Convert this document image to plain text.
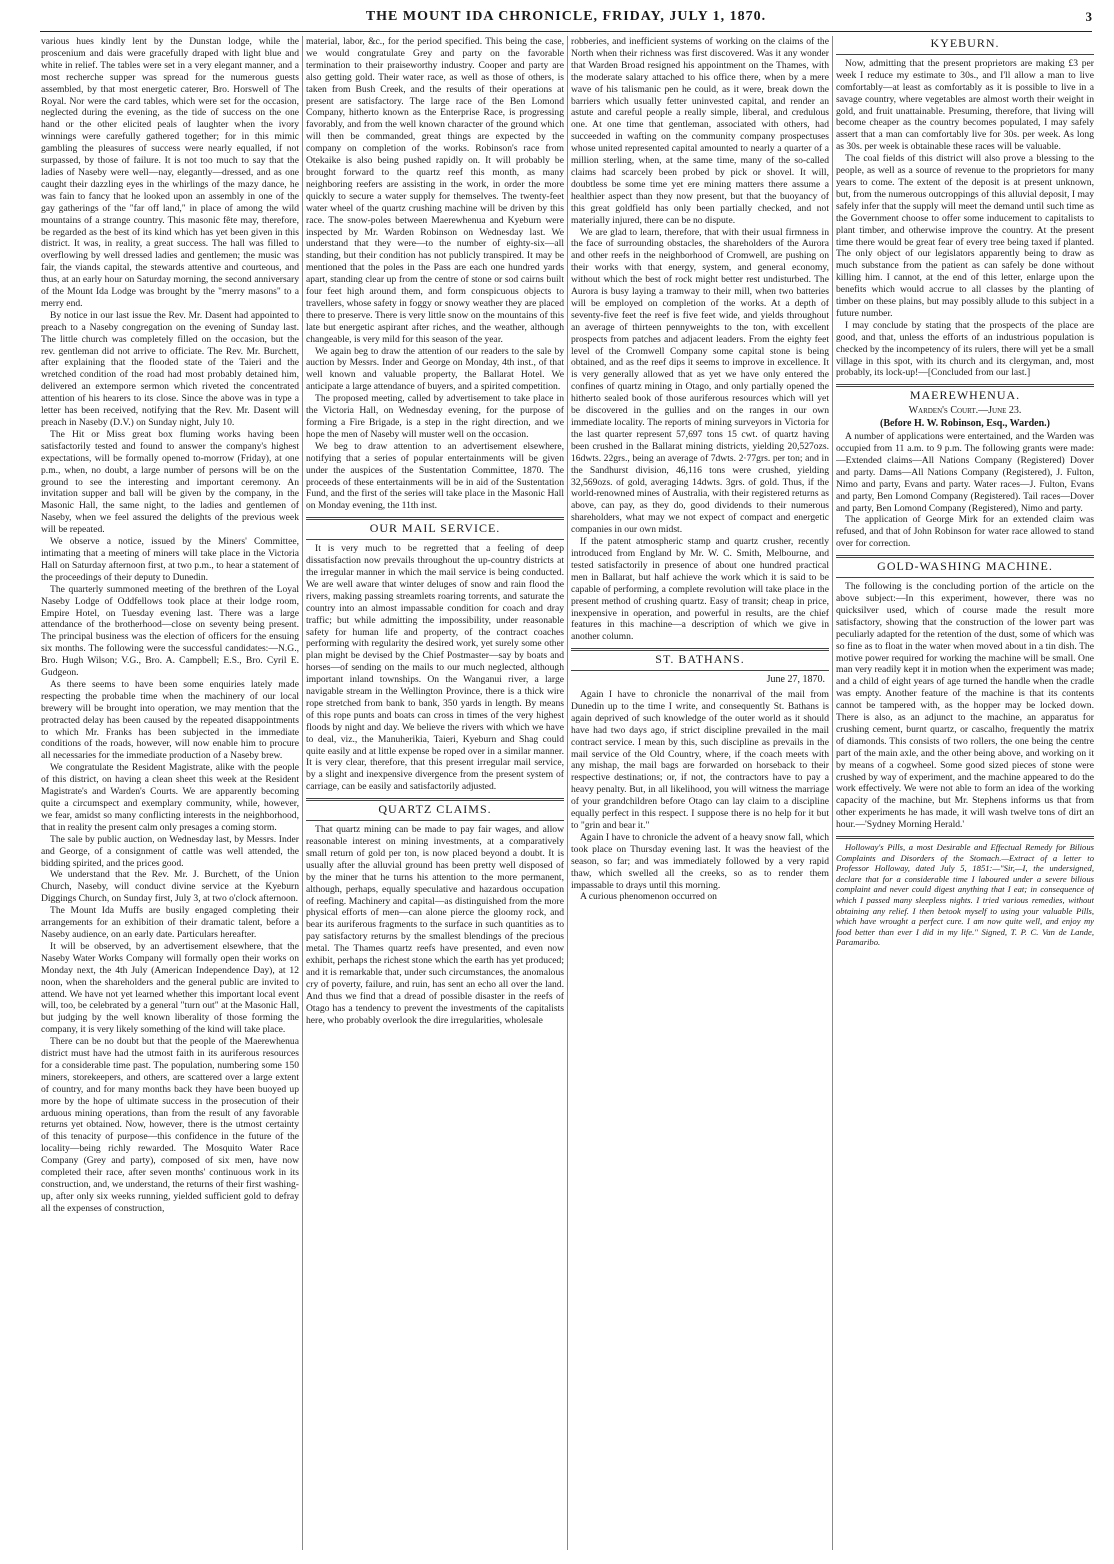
THE MOUNT IDA CHRONICLE, FRIDAY, JULY 1, 1870.	3

various hues kindly lent by the Dunstan lodge, while the proscenium and dais were gracefully draped with light blue and white in relief. The tables were set in a very elegant manner, and a most recherche supper was spread for the numerous guests assembled, by that most energetic caterer, Bro. Horswell of The Royal. Nor were the card tables, which were set for the occasion, neglected during the evening, as the tide of success on the one hand or the other elicited peals of laughter when the ivory winnings were carefully gathered together; for in this mimic gambling the pleasures of success were nearly equalled, if not surpassed, by those of failure. It is not too much to say that the ladies of Naseby were well—nay, elegantly—dressed, and as one caught their dazzling eyes in the whirlings of the mazy dance, he was fain to fancy that he looked upon an assembly in one of the gay gatherings of the "far off land," in place of among the wild mountains of a strange country. This masonic fête may, therefore, be regarded as the best of its kind which has yet been given in this district. It was, in reality, a great success. The hall was filled to overflowing by well dressed ladies and gentlemen; the music was fair, the viands capital, the stewards attentive and courteous, and thus, at an early hour on Saturday morning, the second anniversary of the Mount Ida Lodge was brought by the "merry masons" to a merry end.

By notice in our last issue the Rev. Mr. Dasent had appointed to preach to a Naseby congregation on the evening of Sunday last. The little church was completely filled on the occasion, but the rev. gentleman did not arrive to officiate. The Rev. Mr. Burchett, after explaining that the flooded state of the Taieri and the wretched condition of the road had most probably detained him, delivered an extempore sermon which riveted the concentrated attention of his hearers to its close. Since the above was in type a letter has been received, notifying that the Rev. Mr. Dasent will preach in Naseby (D.V.) on Sunday night, July 10.

The Hit or Miss great box fluming works having been satisfactorily tested and found to answer the company's highest expectations, will be formally opened to-morrow (Friday), at one p.m., when, no doubt, a large number of persons will be on the ground to see the interesting and important ceremony. An invitation supper and ball will be given by the company, in the Masonic Hall, the same night, to the ladies and gentlemen of Naseby, when we feel assured the delights of the previous week will be repeated.

We observe a notice, issued by the Miners' Committee, intimating that a meeting of miners will take place in the Victoria Hall on Saturday afternoon first, at two p.m., to hear a statement of the proceedings of their deputy to Dunedin.

The quarterly summoned meeting of the brethren of the Loyal Naseby Lodge of Oddfellows took place at their lodge room, Empire Hotel, on Tuesday evening last. There was a large attendance of the brotherhood—close on seventy being present. The principal business was the election of officers for the ensuing six months. The following were the successful candidates:—N.G., Bro. Hugh Wilson; V.G., Bro. A. Campbell; E.S., Bro. Cyril E. Gudgeon.

As there seems to have been some enquiries lately made respecting the probable time when the machinery of our local brewery will be brought into operation, we may mention that the protracted delay has been caused by the repeated disappointments to which Mr. Franks has been subjected in the immediate conditions of the roads, however, will now enable him to procure all necessaries for the immediate production of a Naseby brew.

We congratulate the Resident Magistrate, alike with the people of this district, on having a clean sheet this week at the Resident Magistrate's and Warden's Courts. We are apparently becoming quite a circumspect and exemplary community, while, however, we fear, amidst so many conflicting interests in the neighborhood, that in reality the present calm only presages a coming storm.

The sale by public auction, on Wednesday last, by Messrs. Inder and George, of a consignment of cattle was well attended, the bidding spirited, and the prices good.

We understand that the Rev. Mr. J. Burchett, of the Union Church, Naseby, will conduct divine service at the Kyeburn Diggings Church, on Sunday first, July 3, at two o'clock afternoon.

The Mount Ida Muffs are busily engaged completing their arrangements for an exhibition of their dramatic talent, before a Naseby audience, on an early date. Particulars hereafter.

It will be observed, by an advertisement elsewhere, that the Naseby Water Works Company will formally open their works on Monday next, the 4th July (American Independence Day), at 12 noon, when the shareholders and the general public are invited to attend. We have not yet learned whether this important local event will, too, be celebrated by a general "turn out" at the Masonic Hall, but judging by the well known liberality of those forming the company, it is very likely something of the kind will take place.

There can be no doubt but that the people of the Maerewhenua district must have had the utmost faith in its auriferous resources for a considerable time past. The population, numbering some 150 miners, storekeepers, and others, are scattered over a large extent of country, and for many months back they have been buoyed up more by the hope of ultimate success in the prosecution of their arduous mining operations, than from the result of any favorable returns yet obtained. Now, however, there is the utmost certainty of this tenacity of purpose—this confidence in the future of the locality—being richly rewarded. The Mosquito Water Race Company (Grey and party), composed of six men, have now completed their race, after seven months' continuous work in its construction, and, we understand, the returns of their first washing-up, after only six weeks running, yielded sufficient gold to defray all the expenses of construction,

material, labor, &c., for the period specified. This being the case, we would congratulate Grey and party on the favorable termination to their praiseworthy industry. Cooper and party are also getting gold. Their water race, as well as those of others, is taken from Bush Creek, and the results of their operations at present are satisfactory. The large race of the Ben Lomond Company, hitherto known as the Enterprise Race, is progressing favorably, and from the well known character of the ground which will then be commanded, great things are expected by the company on completion of the works. Robinson's race from Otekaike is also being pushed rapidly on. It will probably be brought forward to the quartz reef this month, as many neighboring reefers are assisting in the work, in order the more quickly to secure a water supply for themselves. The twenty-feet water wheel of the quartz crushing machine will be driven by this race. The snow-poles between Maerewhenua and Kyeburn were inspected by Mr. Warden Robinson on Wednesday last. We understand that they were—to the number of eighty-six—all standing, but their condition has not publicly transpired. It may be mentioned that the poles in the Pass are each one hundred yards apart, standing clear up from the centre of stone or sod cairns built four feet high around them, and form conspicuous objects to travellers, whose safety in foggy or snowy weather they are placed there to preserve. There is very little snow on the mountains of this late but energetic aspirant after riches, and the weather, although changeable, is very mild for this season of the year.

We again beg to draw the attention of our readers to the sale by auction by Messrs. Inder and George on Monday, 4th inst., of that well known and valuable property, the Ballarat Hotel. We anticipate a large attendance of buyers, and a spirited competition.

The proposed meeting, called by advertisement to take place in the Victoria Hall, on Wednesday evening, for the purpose of forming a Fire Brigade, is a step in the right direction, and we hope the men of Naseby will muster well on the occasion.

We beg to draw attention to an advertisement elsewhere, notifying that a series of popular entertainments will be given under the auspices of the Sustentation Committee, 1870. The proceeds of these entertainments will be in aid of the Sustentation Fund, and the first of the series will take place in the Masonic Hall on Monday evening, the 11th inst.

OUR MAIL SERVICE.

It is very much to be regretted that a feeling of deep dissatisfaction now prevails throughout the up-country districts at the irregular manner in which the mail service is being conducted. We are well aware that winter deluges of snow and rain flood the rivers, making passing streamlets roaring torrents, and saturate the country into an almost impassable condition for coach and dray traffic; but while admitting the impossibility, under reasonable safety for human life and property, of the contract coaches performing with regularity the desired work, yet surely some other plan might be devised by the Chief Postmaster—say by boats and horses—of sending on the mails to our much neglected, although important inland townships. On the Wanganui river, a large navigable stream in the Wellington Province, there is a thick wire rope stretched from bank to bank, 350 yards in length. By means of this rope punts and boats can cross in times of the very highest floods by night and day. We believe the rivers with which we have to deal, viz., the Manuherikia, Taieri, Kyeburn and Shag could quite easily and at little expense be roped over in a similar manner. It is very clear, therefore, that this present irregular mail service, by a slight and inexpensive divergence from the present system of carriage, can be easily and satisfactorily adjusted.

QUARTZ CLAIMS.

That quartz mining can be made to pay fair wages, and allow reasonable interest on mining investments, at a comparatively small return of gold per ton, is now placed beyond a doubt. It is usually after the alluvial ground has been pretty well disposed of by the miner that he turns his attention to the more permanent, although, perhaps, equally speculative and hazardous occupation of reefing. Machinery and capital—as distinguished from the more physical efforts of men—can alone pierce the gloomy rock, and bear its auriferous fragments to the surface in such quantities as to pay satisfactory returns by the smallest blendings of the precious metal. The Thames quartz reefs have presented, and even now exhibit, perhaps the richest stone which the earth has yet produced; and it is remarkable that, under such circumstances, the anomalous cry of poverty, failure, and ruin, has sent an echo all over the land. And thus we find that a dread of possible disaster in the reefs of Otago has a tendency to prevent the investments of the capitalists here, who probably overlook the dire irregularities, wholesale

robberies, and inefficient systems of working on the claims of the North when their richness was first discovered. Was it any wonder that Warden Broad resigned his appointment on the Thames, with the moderate salary attached to his office there, when by a mere wave of his talismanic pen he could, as it were, break down the barriers which usually fetter uninvested capital, and render an astute and careful people a really simple, liberal, and credulous one. At one time that gentleman, associated with others, had succeeded in wafting on the community company prospectuses whose united represented capital amounted to nearly a quarter of a million sterling, when, at the same time, many of the so-called claims had scarcely been probed by pick or shovel. It will, doubtless be some time yet ere mining matters there assume a healthier aspect than they now present, but that the buoyancy of this great goldfield has only been partially checked, and not materially injured, there can be no dispute.

We are glad to learn, therefore, that with their usual firmness in the face of surrounding obstacles, the shareholders of the Aurora and other reefs in the neighborhood of Cromwell, are pushing on their works with that energy, system, and general economy, without which the best of rock might better rest undisturbed. The Aurora is busy laying a tramway to their mill, when two batteries will be employed on completion of the works. At a depth of seventy-five feet the reef is five feet wide, and yields throughout an average of thirteen pennyweights to the ton, with excellent prospects from patches and adjacent leaders. From the eighty feet level of the Cromwell Company some capital stone is being obtained, and as the reef dips it seems to improve in excellence. It is very generally allowed that as yet we have only entered the confines of quartz mining in Otago, and only partially opened the hitherto sealed book of those auriferous resources which will yet be discovered in the gullies and on the ranges in our own immediate locality. The reports of mining surveyors in Victoria for the last quarter represent 57,697 tons 15 cwt. of quartz having been crushed in the Ballarat mining districts, yielding 20,527ozs. 16dwts. 22grs., being an average of 7dwts. 2·77grs. per ton; and in the Sandhurst division, 46,116 tons were crushed, yielding 32,569ozs. of gold, averaging 14dwts. 3grs. of gold. Thus, if the world-renowned mines of Australia, with their registered returns as above, can pay, as they do, good dividends to their numerous shareholders, what may we not expect of compact and energetic companies in our own midst.

If the patent atmospheric stamp and quartz crusher, recently introduced from England by Mr. W. C. Smith, Melbourne, and tested satisfactorily in presence of about one hundred practical men in Ballarat, but half achieve the work which it is said to be capable of performing, a complete revolution will take place in the present method of crushing quartz. Easy of transit; cheap in price, inexpensive in operation, and powerful in results, are the chief features in this machine—a description of which we give in another column.

ST. BATHANS.
June 27, 1870.

Again I have to chronicle the nonarrival of the mail from Dunedin up to the time I write, and consequently St. Bathans is again deprived of such knowledge of the outer world as it should have had two days ago, if strict discipline prevailed in the mail contract service. I mean by this, such discipline as prevails in the mail service of the Old Country, where, if the coach meets with any mishap, the mail bags are forwarded on horseback to their respective destinations; or, if not, the contractors have to pay a heavy penalty. But, in all likelihood, you will witness the marriage of your grandchildren before Otago can lay claim to a discipline equally perfect in this respect. I suppose there is no help for it but to "grin and bear it."

Again I have to chronicle the advent of a heavy snow fall, which took place on Thursday evening last. It was the heaviest of the season, so far; and was immediately followed by a very rapid thaw, which swelled all the creeks, so as to render them impassable to drays until this morning.

A curious phenomenon occurred on

KYEBURN.

Now, admitting that the present proprietors are making £3 per week I reduce my estimate to 30s., and I'll allow a man to live comfortably—at least as comfortably as it is possible to live in a savage country, where vegetables are almost worth their weight in gold, and fruit unattainable. Presuming, therefore, that living will become cheaper as the country becomes populated, I may safely assert that a man can comfortably live for 30s. per week. As long as 30s. per week is obtainable these races will be valuable.

The coal fields of this district will also prove a blessing to the people, as well as a source of revenue to the proprietors for many years to come. The extent of the deposit is at present unknown, but, from the numerous outcroppings of this alluvial deposit, I may safely infer that the supply will meet the demand until such time as the Government choose to offer some inducement to capitalists to plant timber, and otherwise improve the country. At the present time there would be great fear of every tree being taxed if planted. The only object of our legislators apparently being to draw as much substance from the patient as can safely be done without killing him. I cannot, at the end of this letter, enlarge upon the benefits which would accrue to all classes by the planting of timber on these plains, but may possibly allude to this subject in a future number.

I may conclude by stating that the prospects of the place are good, and that, unless the efforts of an industrious population is checked by the incompetency of its rulers, there will yet be a small village in this spot, with its church and its clergyman, and, most probably, its lock-up!—[Concluded from our last.]

MAEREWHENUA.
Warden's Court.—June 23.
(Before H. W. Robinson, Esq., Warden.)

A number of applications were entertained, and the Warden was occupied from 11 a.m. to 9 p.m. The following grants were made:—Extended claims—All Nations Company (Registered) Dover and party. Dams—All Nations Company (Registered), J. Fulton, Nimo and party, Evans and party. Water races—J. Fulton, Evans and party, Ben Lomond Company (Registered). Tail races—Dover and party, Ben Lomond Company (Registered), Nimo and party.

The application of George Mirk for an extended claim was refused, and that of John Robinson for water race allowed to stand over for correction.

GOLD-WASHING MACHINE.

The following is the concluding portion of the article on the above subject:—In this experiment, however, there was no quicksilver used, which of course made the result more satisfactory, showing that the construction of the lower part was peculiarly adapted for the retention of the dust, some of which was so fine as to float in the water when moved about in a tin dish. The motive power required for working the machine will be small. One man very readily kept it in motion when the experiment was made; and a child of eight years of age turned the handle when the cradle was empty. Another feature of the machine is that its contents cannot be tampered with, as the hopper may be locked down. There is also, as an adjunct to the machine, an apparatus for crushing cement, burnt quartz, or cascalho, frequently the matrix of diamonds. This consists of two rollers, the one being the centre part of the main axle, and the other being above, and working on it by means of a cogwheel. Some good sized pieces of stone were crushed by way of experiment, and the machine appeared to do the work effectively. We were not able to form an idea of the working capacity of the machine, but Mr. Stephens informs us that from other experiments he has made, it will wash twelve tons of dirt an hour.—'Sydney Morning Herald.'

Holloway's Pills, a most Desirable and Effectual Remedy for Bilious Complaints and Disorders of the Stomach.—Extract of a letter to Professor Holloway, dated July 5, 1851:—"Sir,—I, the undersigned, declare that for a considerable time I laboured under a severe bilious complaint and never could digest anything that I eat; in consequence of which I passed many sleepless nights. I tried various remedies, without obtaining any relief. I then betook myself to using your valuable Pills, which have wrought a perfect cure. I am now quite well, and enjoy my food better than ever I did in my life." Signed, T. P. C. Van de Lande, Paramaribo.
